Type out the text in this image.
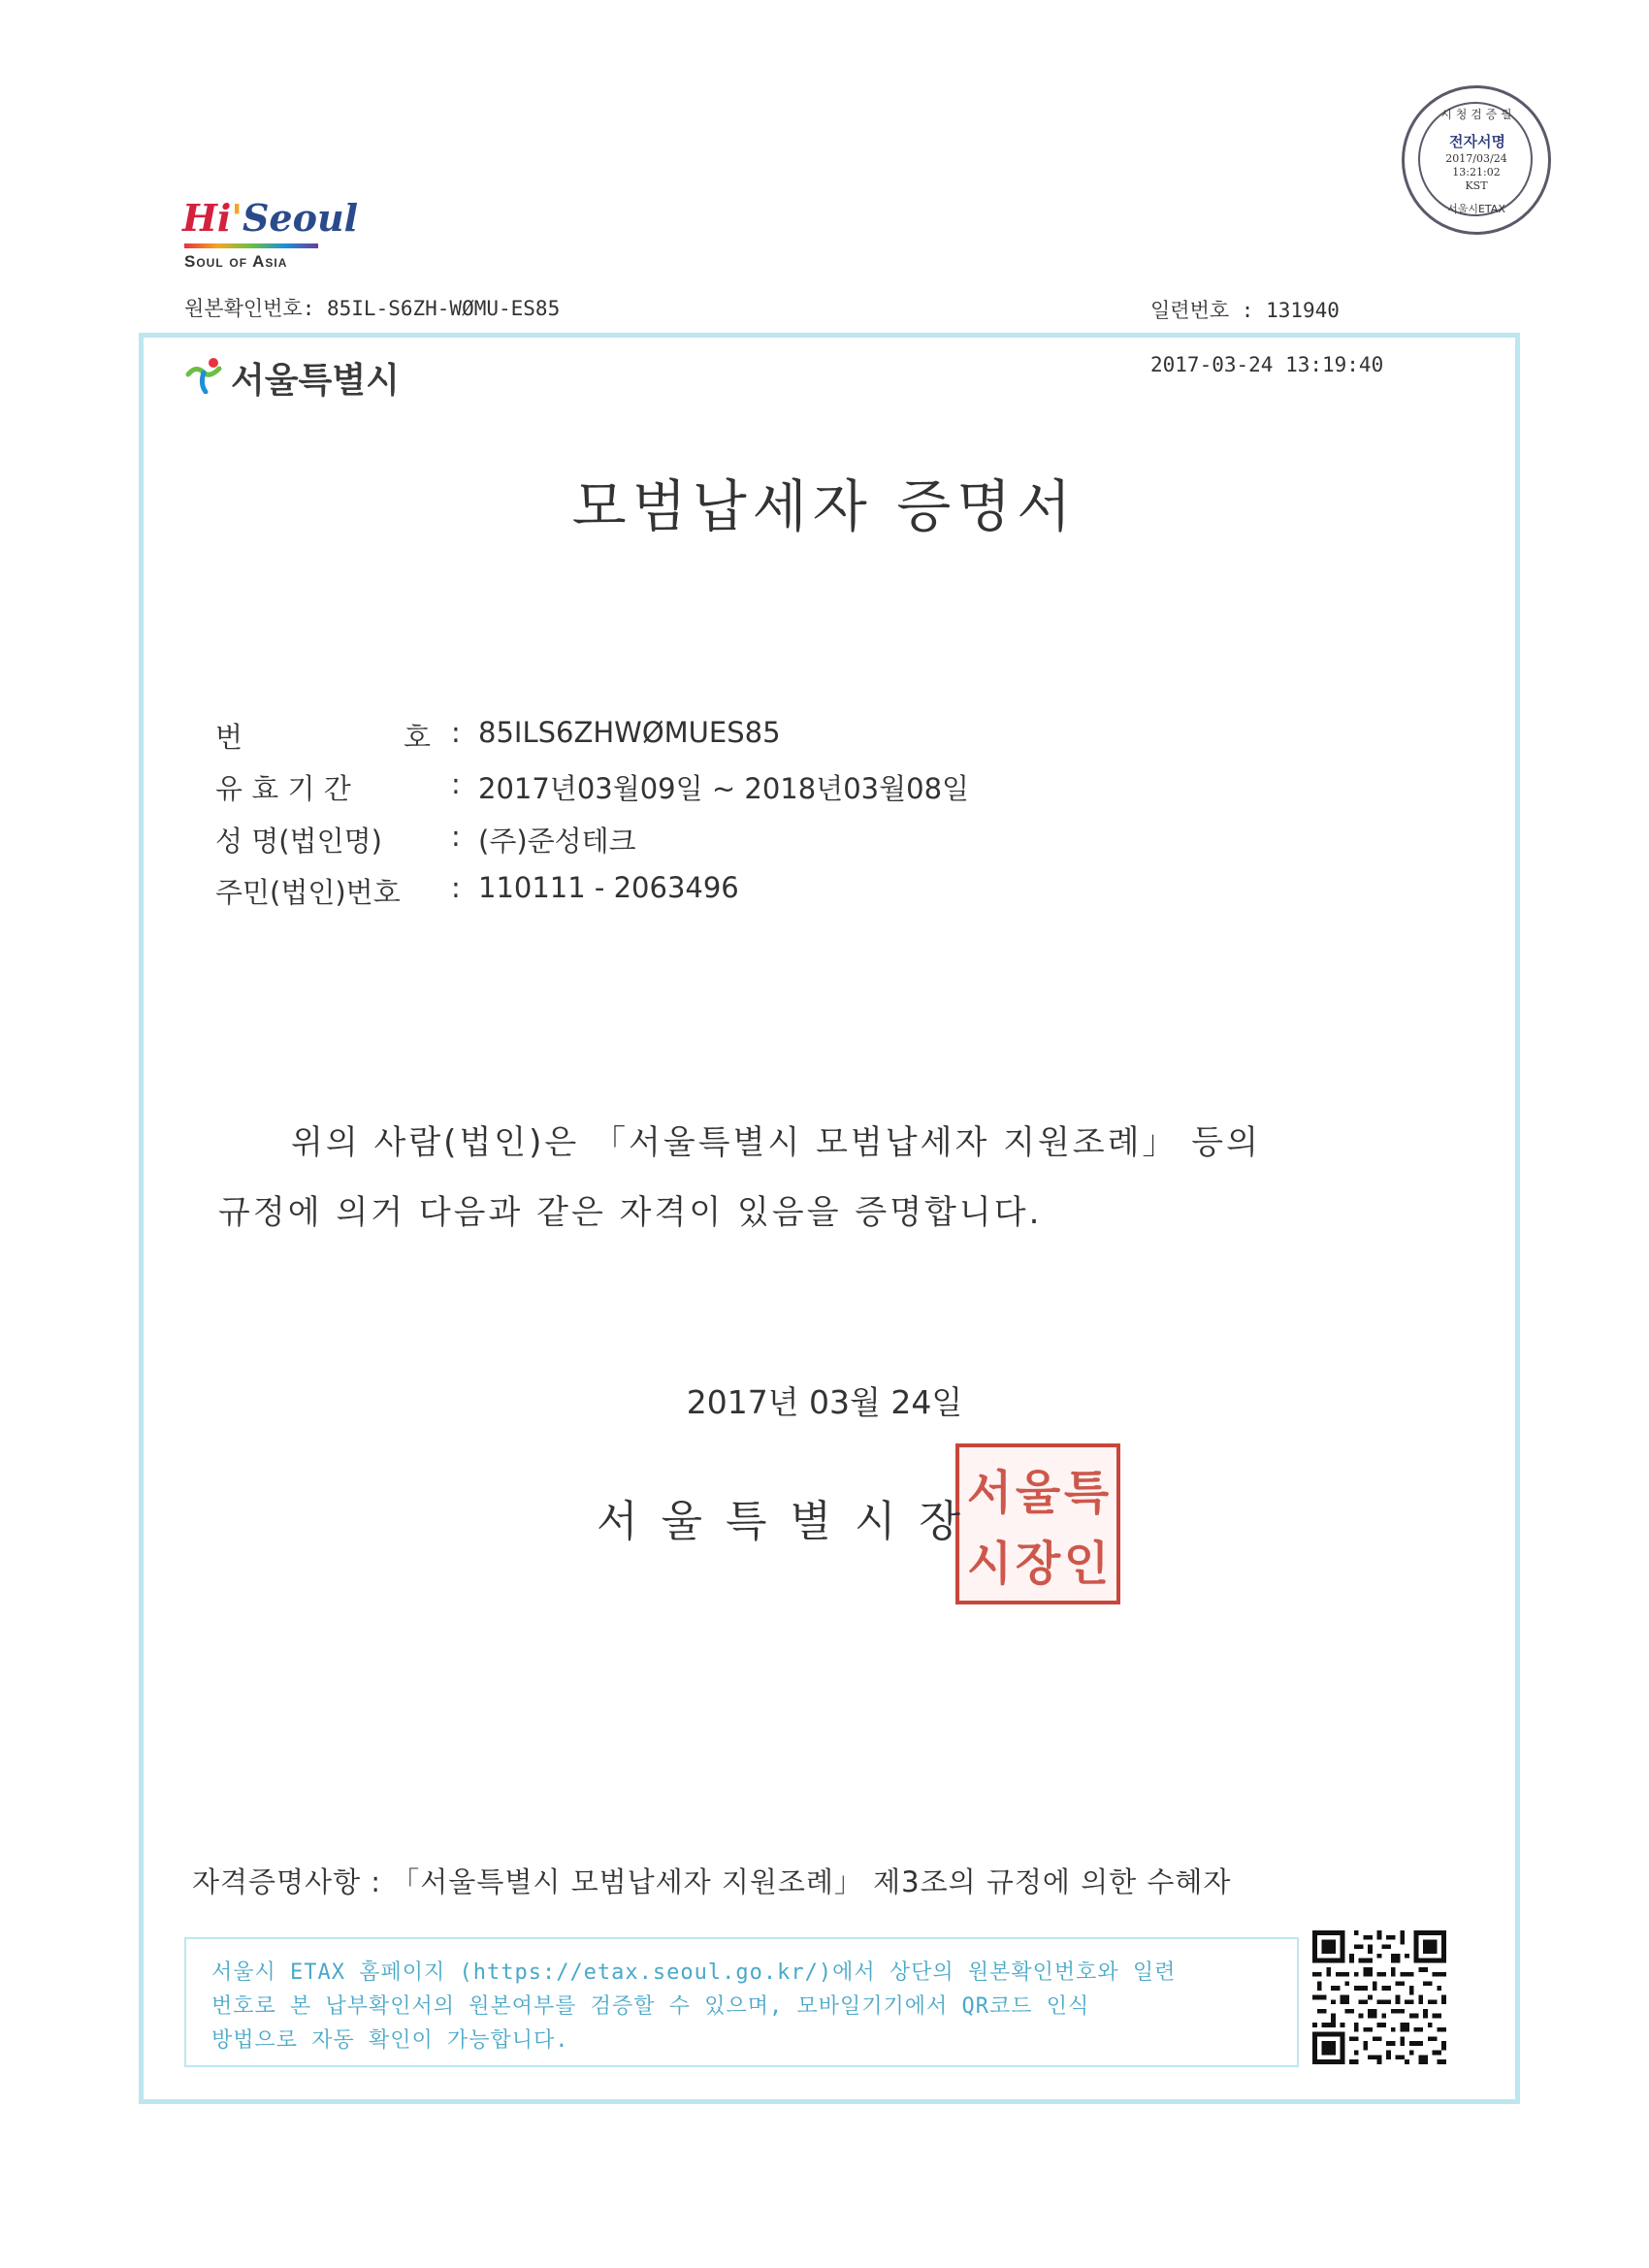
시 청 검 증 필
전자서명
2017/03/24
13:21:02
KST
서울시ETAX
Hi'Seoul
Soul of Asia
원본확인번호: 85IL-S6ZH-WØMU-ES85	일련번호 : 131940
2017-03-24 13:19:40
서울특별시
모범납세자 증명서
번                  호 : 85ILS6ZHWØMUES85
유 효 기 간	: 2017년03월09일 ~ 2018년03월08일
성 명(법인명) : (주)준성테크
주민(법인)번호 : 110111 - 2063496
위의 사람(법인)은 「서울특별시 모범납세자 지원조례」 등의
규정에 의거 다음과 같은 자격이 있음을 증명합니다.
2017년 03월 24일
서 울 특
시 장 인
서울특별시장
자격증명사항 : 「서울특별시 모범납세자 지원조례」 제3조의 규정에 의한 수혜자
서울시 ETAX 홈페이지 (https://etax.seoul.go.kr/)에서 상단의 원본확인번호와 일련
번호로 본 납부확인서의 원본여부를 검증할 수 있으며, 모바일기기에서 QR코드 인식
방법으로 자동 확인이 가능합니다.
